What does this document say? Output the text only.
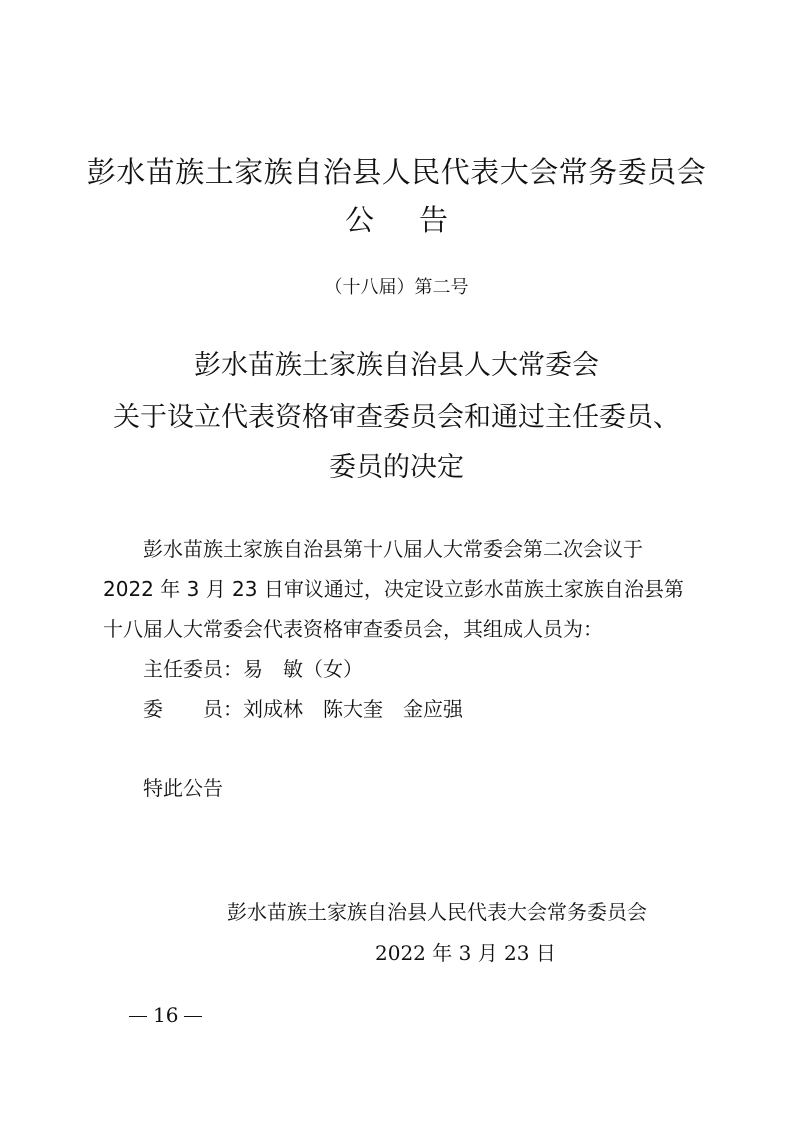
彭水苗族土家族自治县人民代表大会常务委员会
公告
（十八届）第二号
彭水苗族土家族自治县人大常委会
关于设立代表资格审查委员会和通过主任委员、
委员的决定
彭水苗族土家族自治县第十八届人大常委会第二次会议于
2022 年 3 月 23 日审议通过，决定设立彭水苗族土家族自治县第
十八届人大常委会代表资格审查委员会，其组成人员为：
主任委员：易　敏（女）
委 员：刘成林 陈大奎 金应强
特此公告
彭水苗族土家族自治县人民代表大会常务委员会
2022 年 3 月 23 日
16
